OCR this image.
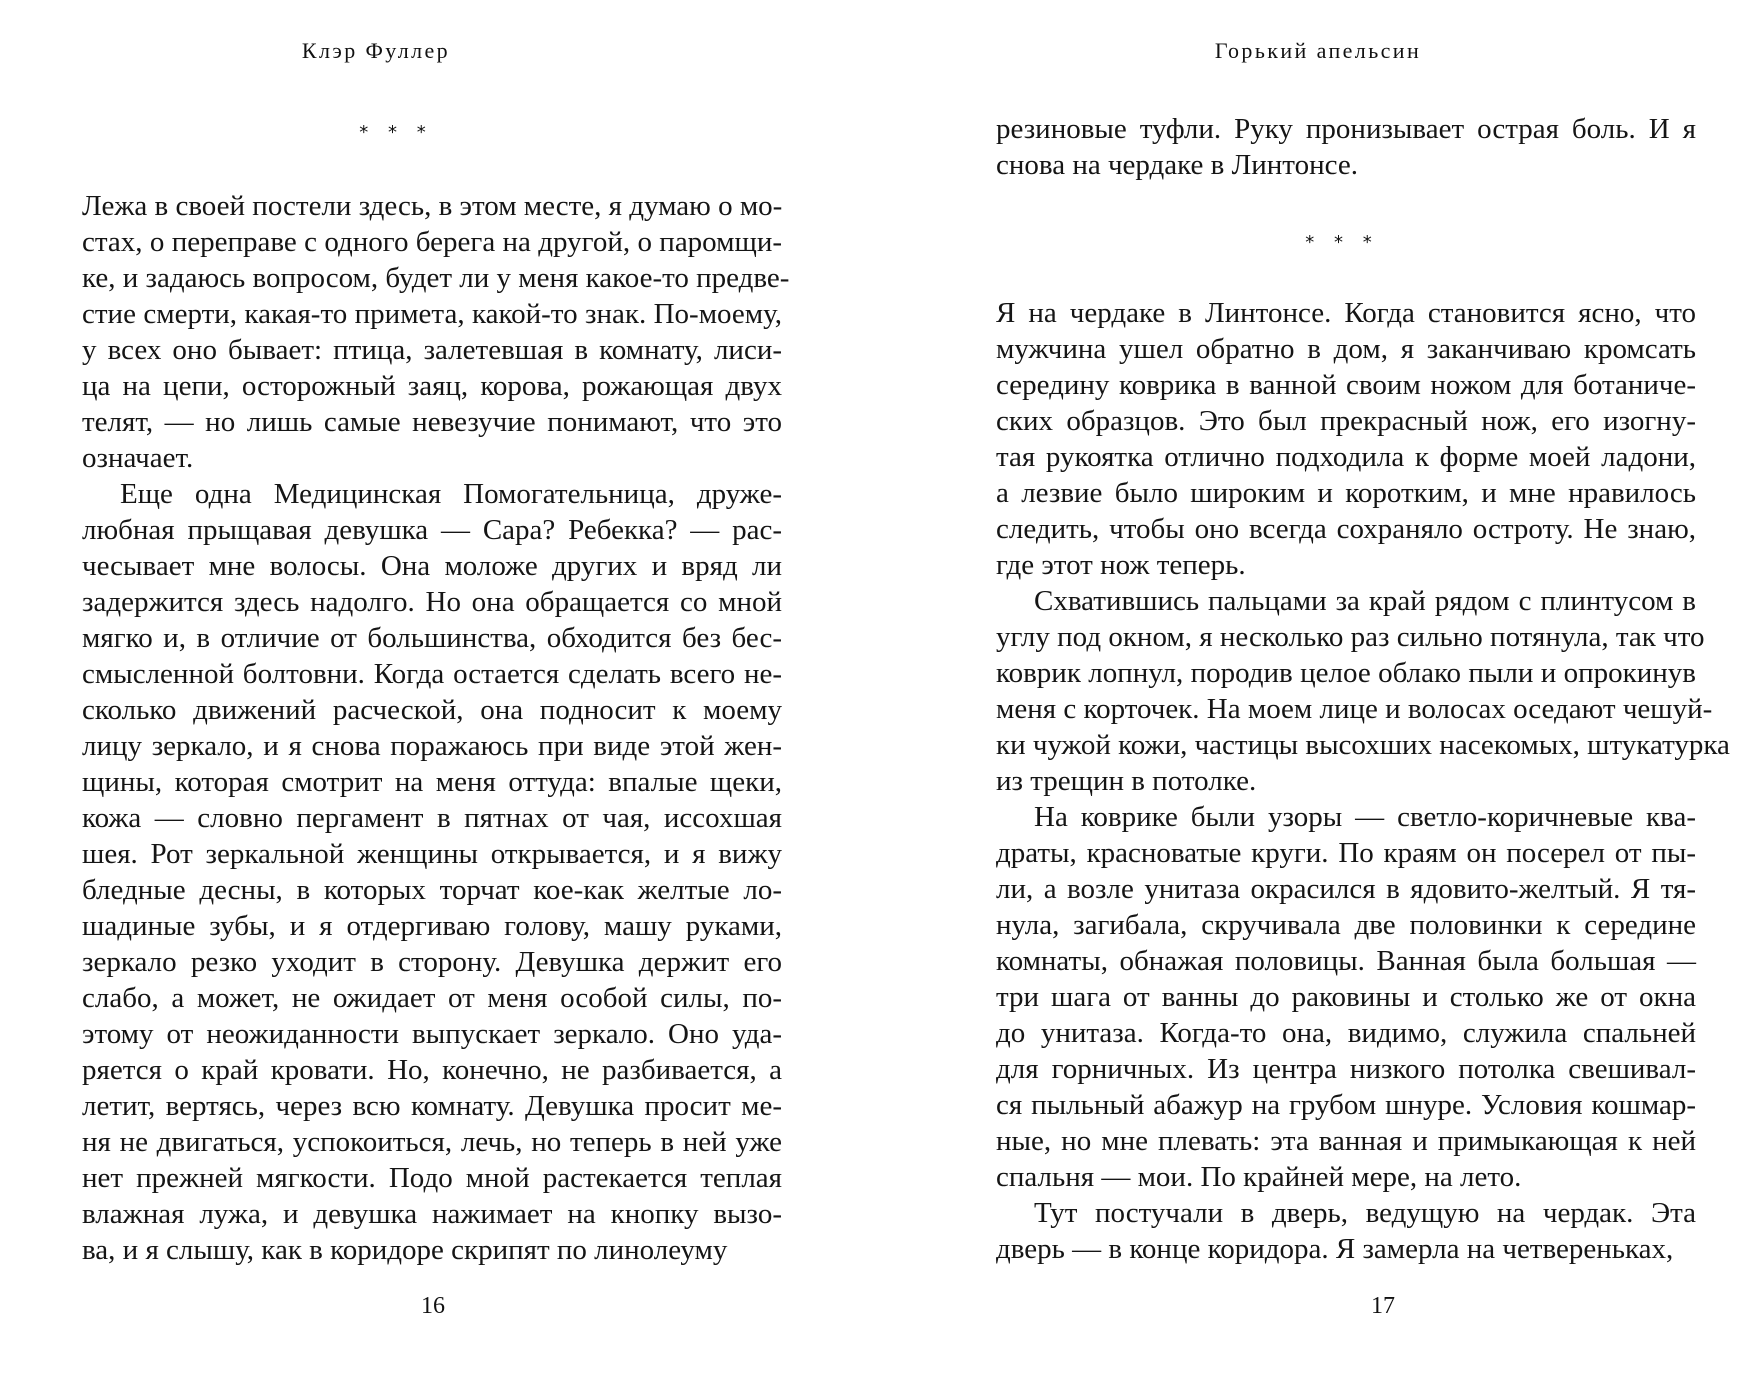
Клэр Фуллер
* * *

Лежа в своей постели здесь, в этом месте, я думаю о мо-
стах, о переправе с одного берега на другой, о паромщи-
ке, и задаюсь вопросом, будет ли у меня какое-то предве-
стие смерти, какая-то примета, какой-то знак. По-моему,
у всех оно бывает: птица, залетевшая в комнату, лиси-
ца на цепи, осторожный заяц, корова, рожающая двух
телят, — но лишь самые невезучие понимают, что это
означает.

Еще одна Медицинская Помогательница, друже-
любная прыщавая девушка — Сара? Ребекка? — рас-
чесывает мне волосы. Она моложе других и вряд ли
задержится здесь надолго. Но она обращается со мной
мягко и, в отличие от большинства, обходится без бес-
смысленной болтовни. Когда остается сделать всего не-
сколько движений расческой, она подносит к моему
лицу зеркало, и я снова поражаюсь при виде этой жен-
щины, которая смотрит на меня оттуда: впалые щеки,
кожа — словно пергамент в пятнах от чая, иссохшая
шея. Рот зеркальной женщины открывается, и я вижу
бледные десны, в которых торчат кое-как желтые ло-
шадиные зубы, и я отдергиваю голову, машу руками,
зеркало резко уходит в сторону. Девушка держит его
слабо, а может, не ожидает от меня особой силы, по-
этому от неожиданности выпускает зеркало. Оно уда-
ряется о край кровати. Но, конечно, не разбивается, а
летит, вертясь, через всю комнату. Девушка просит ме-
ня не двигаться, успокоиться, лечь, но теперь в ней уже
нет прежней мягкости. Подо мной растекается теплая
влажная лужа, и девушка нажимает на кнопку вызо-
ва, и я слышу, как в коридоре скрипят по линолеуму

16
Горький апельсин

резиновые туфли. Руку пронизывает острая боль. И я
снова на чердаке в Линтонсе.

* * *

Я на чердаке в Линтонсе. Когда становится ясно, что
мужчина ушел обратно в дом, я заканчиваю кромсать
середину коврика в ванной своим ножом для ботаниче-
ских образцов. Это был прекрасный нож, его изогну-
тая рукоятка отлично подходила к форме моей ладони,
а лезвие было широким и коротким, и мне нравилось
следить, чтобы оно всегда сохраняло остроту. Не знаю,
где этот нож теперь.

Схватившись пальцами за край рядом с плинтусом в
углу под окном, я несколько раз сильно потянула, так что
коврик лопнул, породив целое облако пыли и опрокинув
меня с корточек. На моем лице и волосах оседают чешуй-
ки чужой кожи, частицы высохших насекомых, штукатурка
из трещин в потолке.

На коврике были узоры — светло-коричневые ква-
драты, красноватые круги. По краям он посерел от пы-
ли, а возле унитаза окрасился в ядовито-желтый. Я тя-
нула, загибала, скручивала две половинки к середине
комнаты, обнажая половицы. Ванная была большая —
три шага от ванны до раковины и столько же от окна
до унитаза. Когда-то она, видимо, служила спальней
для горничных. Из центра низкого потолка свешивал-
ся пыльный абажур на грубом шнуре. Условия кошмар-
ные, но мне плевать: эта ванная и примыкающая к ней
спальня — мои. По крайней мере, на лето.

Тут постучали в дверь, ведущую на чердак. Эта
дверь — в конце коридора. Я замерла на четвереньках,

17
